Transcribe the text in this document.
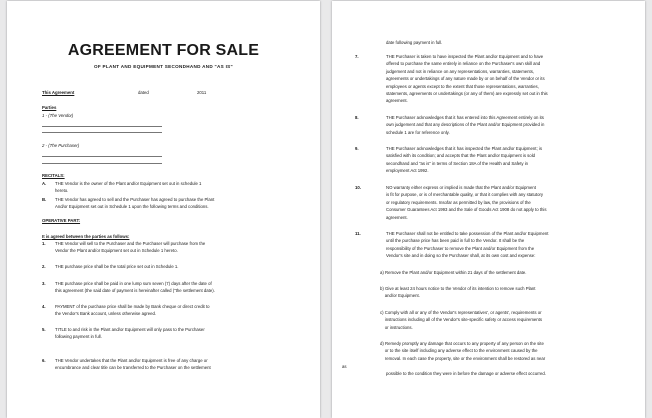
AGREEMENT FOR SALE
OF PLANT AND EQUIPMENT SECONDHAND AND "AS IS"
This Agreement	dated	2011
Parties
1 - (The Vendor)
2 - (The Purchaser)
RECITALS:
A. THE Vendor is the owner of the Plant and/or Equipment set out in schedule 1
hereto.
B. THE Vendor has agreed to sell and the Purchaser has agreed to purchase the Plant
And/or Equipment set out in Schedule 1 upon the following terms and conditions.
OPERATIVE PART:
It is agreed between the parties as follows:
1. THE Vendor will sell to the Purchaser and the Purchaser will purchase from the
Vendor the Plant and/or Equipment set out in Schedule 1 hereto.
2. THE purchase price shall be the total price set out in Schedule 1.
3. THE purchase price shall be paid in one lump sum seven (7) days after the date of
this agreement (the said date of payment is hereinafter called ("the settlement date).
4. PAYMENT of the purchase price shall be made by Bank cheque or direct credit to
the Vendor's Bank account, unless otherwise agreed.
5. TITLE to and risk in the Plant and/or Equipment will only pass to the Purchaser
following payment in full.
6. THE Vendor undertakes that the Plant and/or Equipment is free of any charge or
encumbrance and clear title can be transferred to the Purchaser on the settlement
date following payment in full.
7.	THE Purchaser is taken to have inspected the Plant and/or Equipment and to have
offered to purchase the same entirely in reliance on the Purchaser's own skill and
judgement and not in reliance on any representations, warranties, statements,
agreements or undertakings of any nature made by or on behalf of the Vendor or its
employees or agents except to the extent that those representations, warranties,
statements, agreements or undertakings (or any of them) are expressly set out in this
agreement.
8.	THE Purchaser acknowledges that it has entered into this Agreement entirely on its
own judgement and that any descriptions of the Plant and/or Equipment provided in
schedule 1 are for reference only.
9.	THE Purchaser acknowledges that it has inspected the Plant and/or Equipment; is
satisfied with its condition; and accepts that the Plant and/or Equipment is sold
secondhand and "as is" in terms of Section 18A of the Health and Safety in
employment Act 1992.
10.	NO warranty either express or implied is made that the Plant and/or Equipment
is fit for purpose, or is of merchantable quality, or that it complies with any statutory
or regulatory requirements. Insofar as permitted by law, the provisions of the
Consumer Guarantees Act 1993 and the Sale of Goods Act 1908 do not apply to this
agreement.
11.	THE Purchaser shall not be entitled to take possession of the Plant and/or Equipment
until the purchase price has been paid in full to the Vendor. It shall be the
responsibility of the Purchaser to remove the Plant and/or Equipment from the
Vendor's site and in doing so the Purchaser shall, at its own cost and expense:
a) Remove the Plant and/or Equipment within 21 days of the settlement date.
b) Give at least 24 hours notice to the Vendor of its intention to remove such Plant
and/or Equipment.
c) Comply with all or any of the Vendor's representatives', or agents', requirements or
instructions including all of the Vendor's site-specific safety or access requirements
or instructions.
d) Remedy promptly any damage that occurs to any property of any person on the site
or to the site itself including any adverse effect to the environment caused by the
removal. In each case the property, site or the environment shall be restored as near
as
possible to the condition they were in before the damage or adverse effect occurred.
